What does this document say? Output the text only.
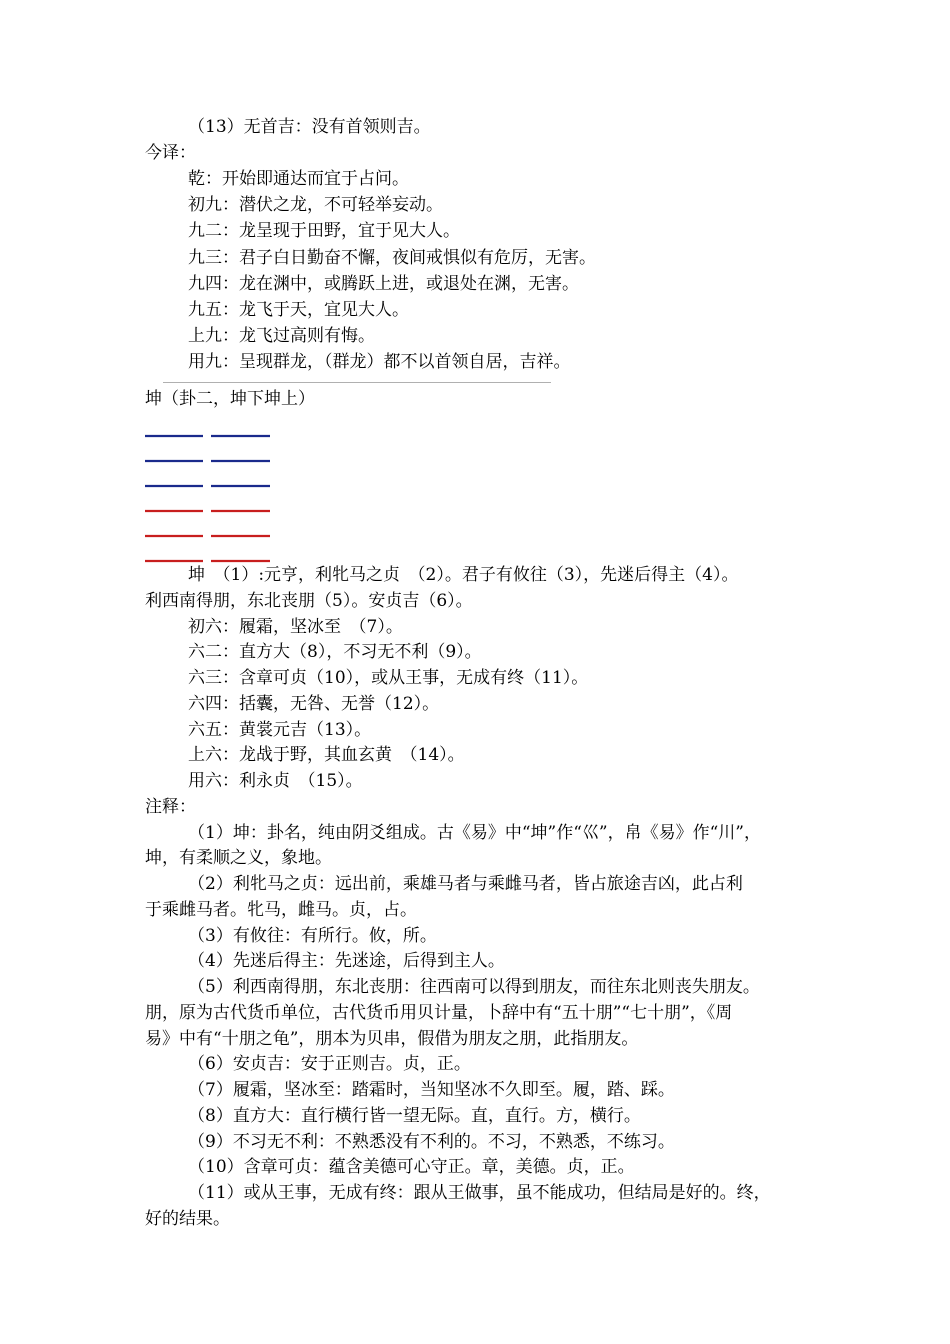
（13）无首吉：没有首领则吉。
今译：
乾：开始即通达而宜于占问。
初九：潜伏之龙，不可轻举妄动。
九二：龙呈现于田野，宜于见大人。
九三：君子白日勤奋不懈，夜间戒惧似有危厉，无害。
九四：龙在渊中，或腾跃上进，或退处在渊，无害。
九五：龙飞于天，宜见大人。
上九：龙飞过高则有悔。
用九：呈现群龙，（群龙）都不以首领自居，吉祥。
坤（卦二，坤下坤上）
坤　（1）:元亨，利牝马之贞　（2）。君子有攸往（3），先迷后得主（4）。
利西南得朋，东北丧朋（5）。安贞吉（6）。
初六：履霜，坚冰至　（7）。
六二：直方大（8），不习无不利（9）。
六三：含章可贞（10），或从王事，无成有终（11）。
六四：括囊，无咎、无誉（12）。
六五：黄裳元吉（13）。
上六：龙战于野，其血玄黄　（14）。
用六：利永贞　（15）。
注释：
（1）坤：卦名，纯由阴爻组成。古《易》中“坤”作“巛”，帛《易》作“川”，
坤，有柔顺之义，象地。
（2）利牝马之贞：远出前，乘雄马者与乘雌马者，皆占旅途吉凶，此占利
于乘雌马者。牝马，雌马。贞，占。
（3）有攸往：有所行。攸，所。
（4）先迷后得主：先迷途，后得到主人。
（5）利西南得朋，东北丧朋：往西南可以得到朋友，而往东北则丧失朋友。
朋，原为古代货币单位，古代货币用贝计量，卜辞中有“五十朋”“七十朋”，《周
易》中有“十朋之龟”，朋本为贝串，假借为朋友之朋，此指朋友。
（6）安贞吉：安于正则吉。贞，正。
（7）履霜，坚冰至：踏霜时，当知坚冰不久即至。履，踏、踩。
（8）直方大：直行横行皆一望无际。直，直行。方，横行。
（9）不习无不利：不熟悉没有不利的。不习，不熟悉，不练习。
（10）含章可贞：蕴含美德可心守正。章，美德。贞，正。
（11）或从王事，无成有终：跟从王做事，虽不能成功，但结局是好的。终，
好的结果。
